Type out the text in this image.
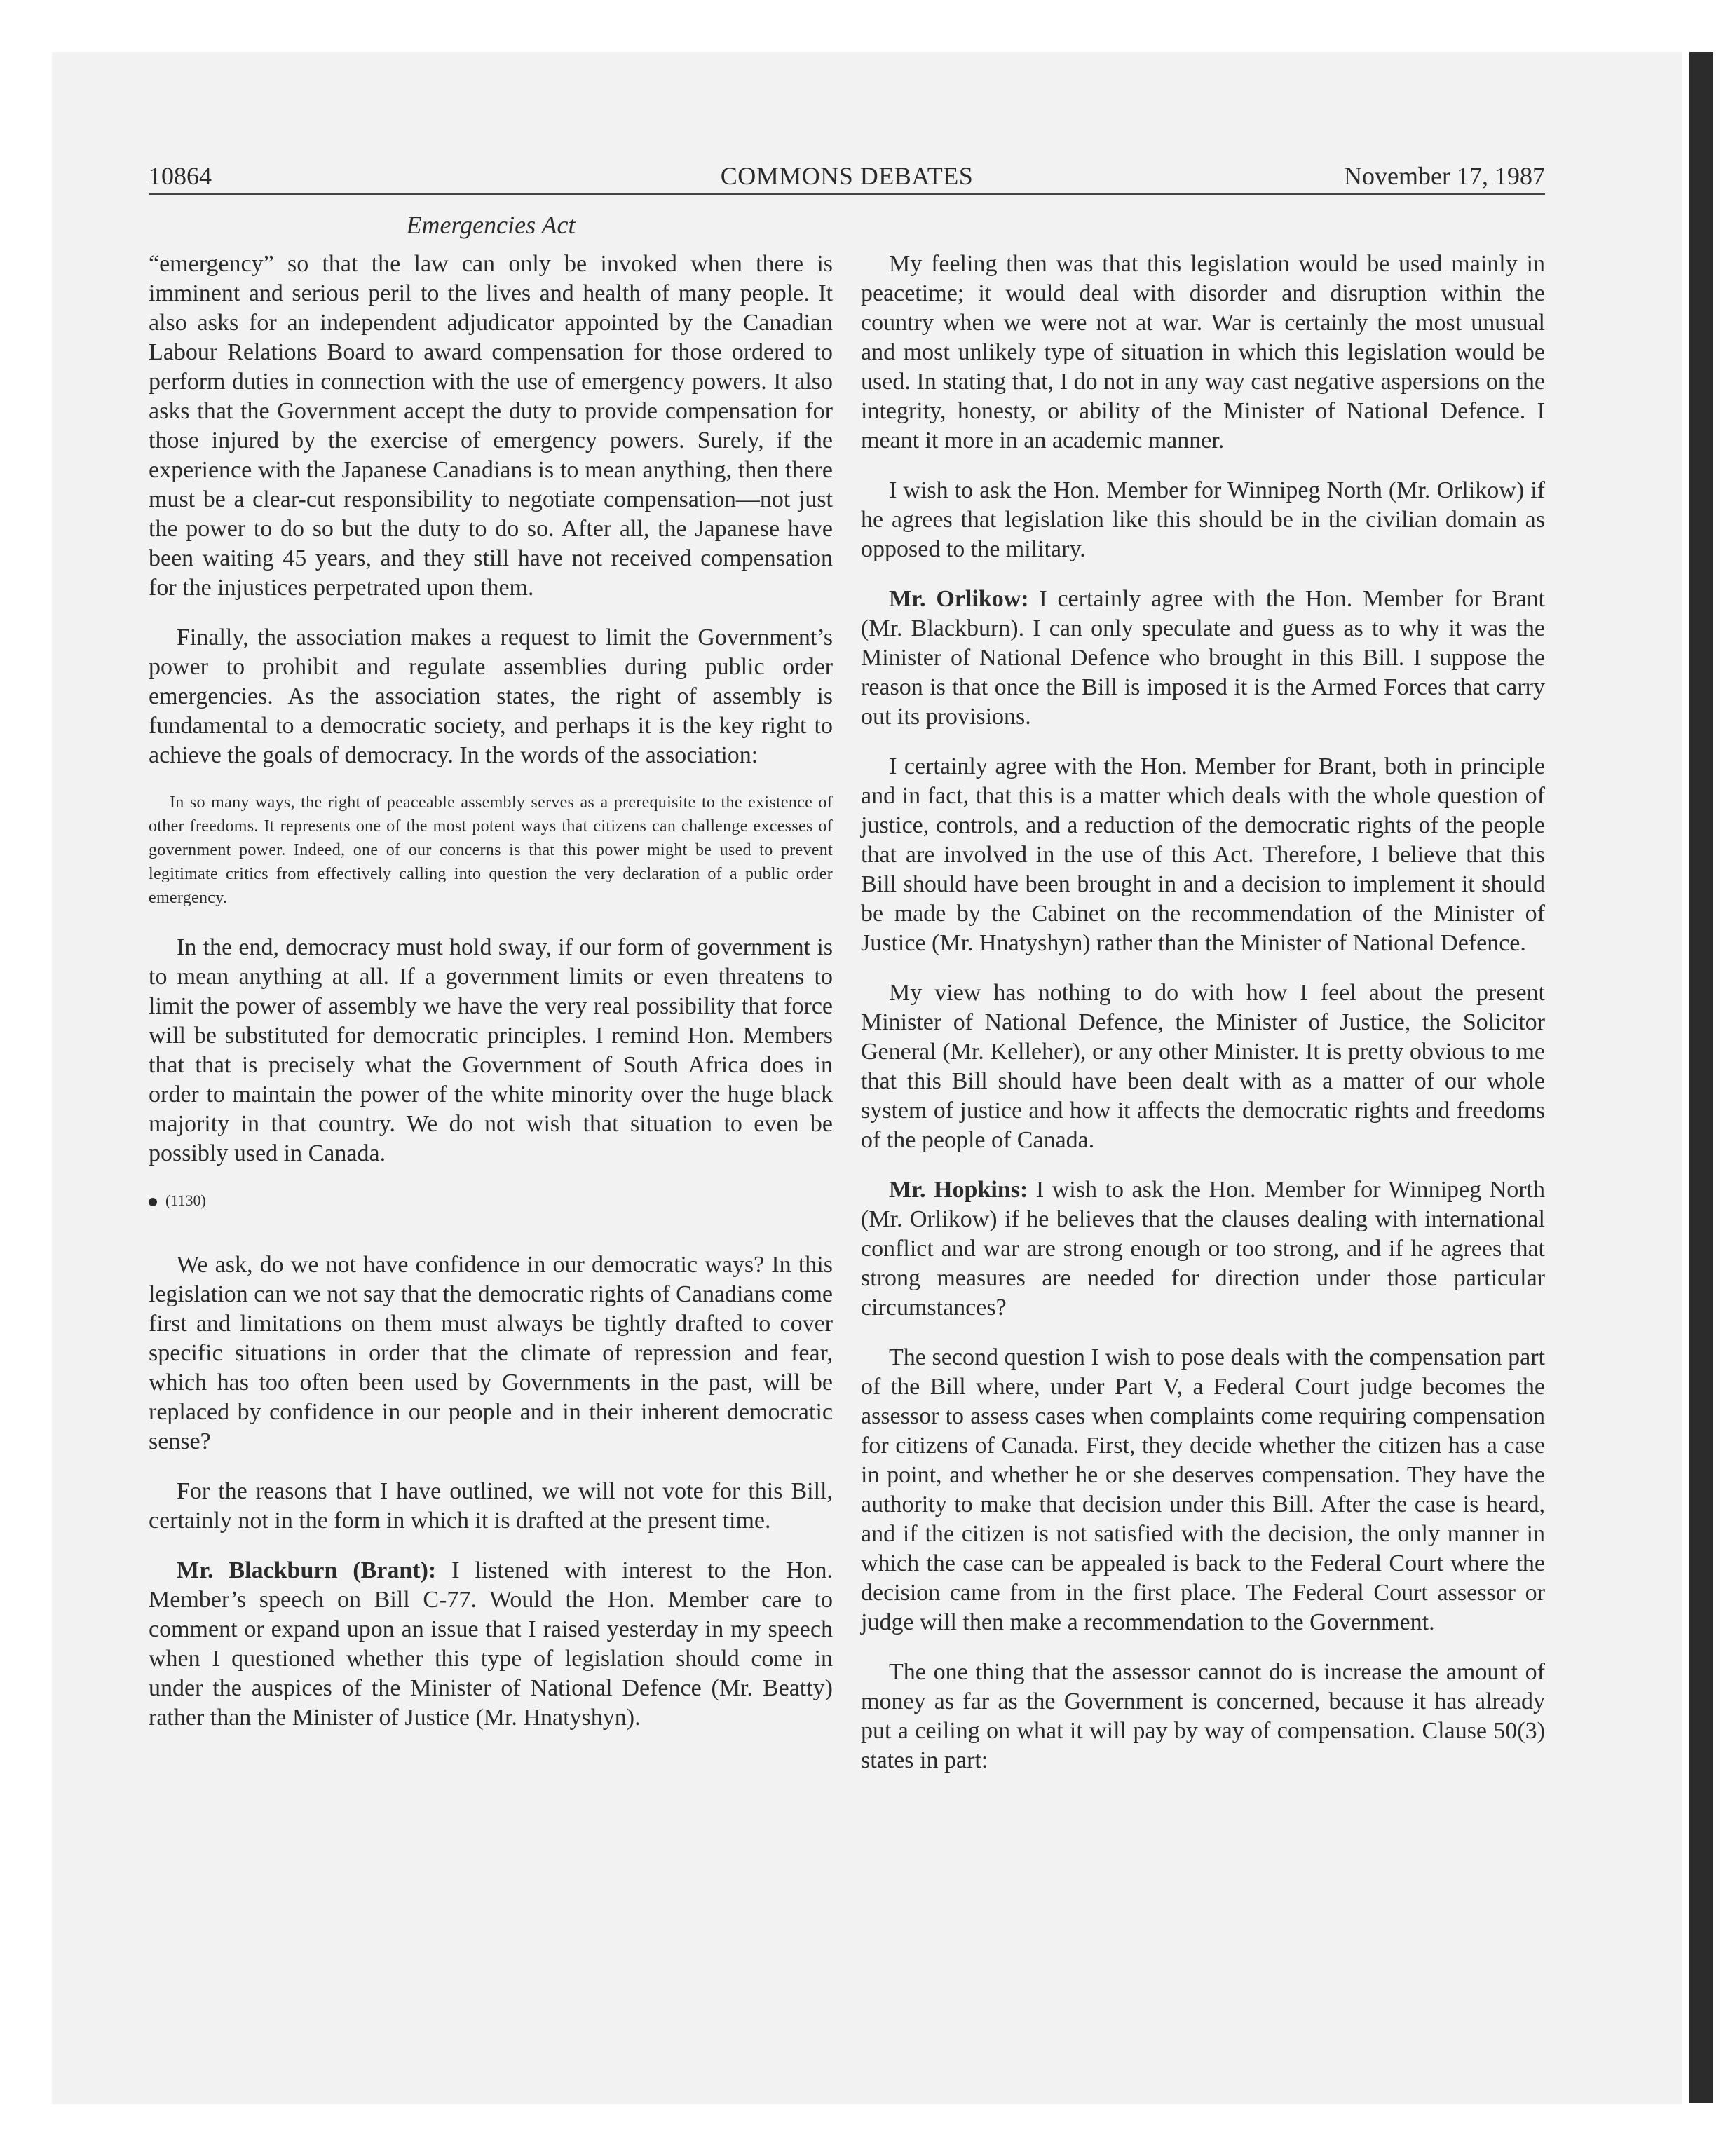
10864	COMMONS DEBATES	November 17, 1987
Emergencies Act

“emergency” so that the law can only be invoked when there is imminent and serious peril to the lives and health of many people. It also asks for an independent adjudicator appointed by the Canadian Labour Relations Board to award compensation for those ordered to perform duties in connection with the use of emergency powers. It also asks that the Government accept the duty to provide compensation for those injured by the exercise of emergency powers. Surely, if the experience with the Japanese Canadians is to mean anything, then there must be a clear-cut responsibility to negotiate compensation—not just the power to do so but the duty to do so. After all, the Japanese have been waiting 45 years, and they still have not received compensation for the injustices perpetrated upon them.

Finally, the association makes a request to limit the Government’s power to prohibit and regulate assemblies during public order emergencies. As the association states, the right of assembly is fundamental to a democratic society, and perhaps it is the key right to achieve the goals of democracy. In the words of the association:

In so many ways, the right of peaceable assembly serves as a prerequisite to the existence of other freedoms. It represents one of the most potent ways that citizens can challenge excesses of government power. Indeed, one of our concerns is that this power might be used to prevent legitimate critics from effectively calling into question the very declaration of a public order emergency.

In the end, democracy must hold sway, if our form of government is to mean anything at all. If a government limits or even threatens to limit the power of assembly we have the very real possibility that force will be substituted for democratic principles. I remind Hon. Members that that is precisely what the Government of South Africa does in order to maintain the power of the white minority over the huge black majority in that country. We do not wish that situation to even be possibly used in Canada.

(1130)

We ask, do we not have confidence in our democratic ways? In this legislation can we not say that the democratic rights of Canadians come first and limitations on them must always be tightly drafted to cover specific situations in order that the climate of repression and fear, which has too often been used by Governments in the past, will be replaced by confidence in our people and in their inherent democratic sense?

For the reasons that I have outlined, we will not vote for this Bill, certainly not in the form in which it is drafted at the present time.

Mr. Blackburn (Brant): I listened with interest to the Hon. Member’s speech on Bill C-77. Would the Hon. Member care to comment or expand upon an issue that I raised yesterday in my speech when I questioned whether this type of legislation should come in under the auspices of the Minister of National Defence (Mr. Beatty) rather than the Minister of Justice (Mr. Hnatyshyn).

My feeling then was that this legislation would be used mainly in peacetime; it would deal with disorder and disruption within the country when we were not at war. War is certainly the most unusual and most unlikely type of situation in which this legislation would be used. In stating that, I do not in any way cast negative aspersions on the integrity, honesty, or ability of the Minister of National Defence. I meant it more in an academic manner.

I wish to ask the Hon. Member for Winnipeg North (Mr. Orlikow) if he agrees that legislation like this should be in the civilian domain as opposed to the military.

Mr. Orlikow: I certainly agree with the Hon. Member for Brant (Mr. Blackburn). I can only speculate and guess as to why it was the Minister of National Defence who brought in this Bill. I suppose the reason is that once the Bill is imposed it is the Armed Forces that carry out its provisions.

I certainly agree with the Hon. Member for Brant, both in principle and in fact, that this is a matter which deals with the whole question of justice, controls, and a reduction of the democratic rights of the people that are involved in the use of this Act. Therefore, I believe that this Bill should have been brought in and a decision to implement it should be made by the Cabinet on the recommendation of the Minister of Justice (Mr. Hnatyshyn) rather than the Minister of National Defence.

My view has nothing to do with how I feel about the present Minister of National Defence, the Minister of Justice, the Solicitor General (Mr. Kelleher), or any other Minister. It is pretty obvious to me that this Bill should have been dealt with as a matter of our whole system of justice and how it affects the democratic rights and freedoms of the people of Canada.

Mr. Hopkins: I wish to ask the Hon. Member for Winnipeg North (Mr. Orlikow) if he believes that the clauses dealing with international conflict and war are strong enough or too strong, and if he agrees that strong measures are needed for direction under those particular circumstances?

The second question I wish to pose deals with the compensation part of the Bill where, under Part V, a Federal Court judge becomes the assessor to assess cases when complaints come requiring compensation for citizens of Canada. First, they decide whether the citizen has a case in point, and whether he or she deserves compensation. They have the authority to make that decision under this Bill. After the case is heard, and if the citizen is not satisfied with the decision, the only manner in which the case can be appealed is back to the Federal Court where the decision came from in the first place. The Federal Court assessor or judge will then make a recommendation to the Government.

The one thing that the assessor cannot do is increase the amount of money as far as the Government is concerned, because it has already put a ceiling on what it will pay by way of compensation. Clause 50(3) states in part:
